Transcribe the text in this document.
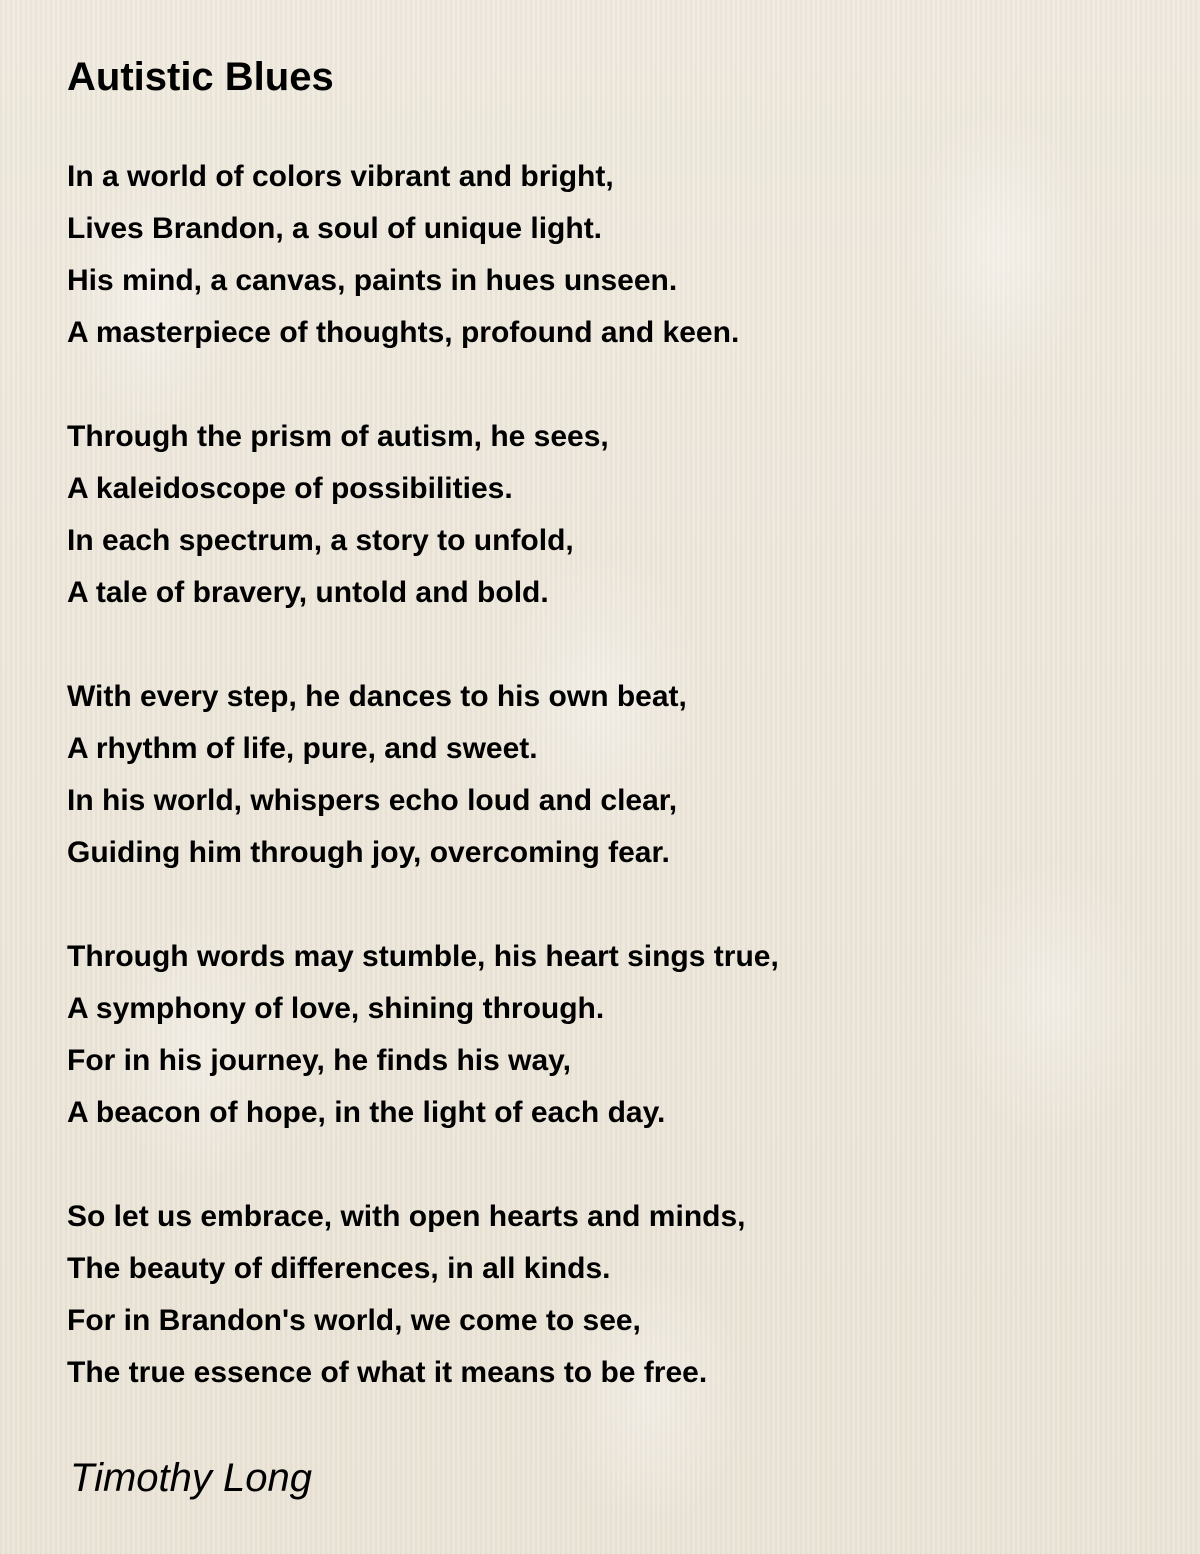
Autistic Blues
In a world of colors vibrant and bright,
Lives Brandon, a soul of unique light.
His mind, a canvas, paints in hues unseen.
A masterpiece of thoughts, profound and keen.
Through the prism of autism, he sees,
A kaleidoscope of possibilities.
In each spectrum, a story to unfold,
A tale of bravery, untold and bold.
With every step, he dances to his own beat,
A rhythm of life, pure, and sweet.
In his world, whispers echo loud and clear,
Guiding him through joy, overcoming fear.
Through words may stumble, his heart sings true,
A symphony of love, shining through.
For in his journey, he finds his way,
A beacon of hope, in the light of each day.
So let us embrace, with open hearts and minds,
The beauty of differences, in all kinds.
For in Brandon's world, we come to see,
The true essence of what it means to be free.

Timothy Long
